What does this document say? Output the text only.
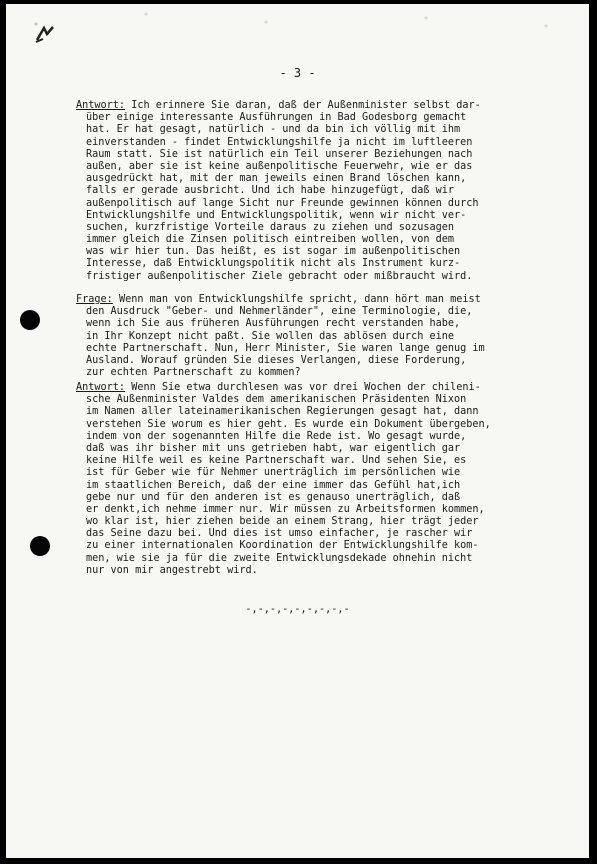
- 3 -
Antwort: Ich erinnere Sie daran, daß der Außenminister selbst dar-
über einige interessante Ausführungen in Bad Godesborg gemacht
hat. Er hat gesagt, natürlich - und da bin ich völlig mit ihm
einverstanden - findet Entwicklungshilfe ja nicht im luftleeren
Raum statt. Sie ist natürlich ein Teil unserer Beziehungen nach
außen, aber sie ist keine außenpolitische Feuerwehr, wie er das
ausgedrückt hat, mit der man jeweils einen Brand löschen kann,
falls er gerade ausbricht. Und ich habe hinzugefügt, daß wir
außenpolitisch auf lange Sicht nur Freunde gewinnen können durch
Entwicklungshilfe und Entwicklungspolitik, wenn wir nicht ver-
suchen, kurzfristige Vorteile daraus zu ziehen und sozusagen
immer gleich die Zinsen politisch eintreiben wollen, von dem
was wir hier tun. Das heißt, es ist sogar im außenpolitischen
Interesse, daß Entwicklungspolitik nicht als Instrument kurz-
fristiger außenpolitischer Ziele gebracht oder mißbraucht wird.
Frage: Wenn man von Entwicklungshilfe spricht, dann hört man meist
den Ausdruck "Geber- und Nehmerländer", eine Terminologie, die,
wenn ich Sie aus früheren Ausführungen recht verstanden habe,
in Ihr Konzept nicht paßt. Sie wollen das ablösen durch eine
echte Partnerschaft. Nun, Herr Minister, Sie waren lange genug im
Ausland. Worauf gründen Sie dieses Verlangen, diese Forderung,
zur echten Partnerschaft zu kommen?
Antwort: Wenn Sie etwa durchlesen was vor drei Wochen der chileni-
sche Außenminister Valdes dem amerikanischen Präsidenten Nixon
im Namen aller lateinamerikanischen Regierungen gesagt hat, dann
verstehen Sie worum es hier geht. Es wurde ein Dokument übergeben,
indem von der sogenannten Hilfe die Rede ist. Wo gesagt wurde,
daß was ihr bisher mit uns getrieben habt, war eigentlich gar
keine Hilfe weil es keine Partnerschaft war. Und sehen Sie, es
ist für Geber wie für Nehmer unerträglich im persönlichen wie
im staatlichen Bereich, daß der eine immer das Gefühl hat,ich
gebe nur und für den anderen ist es genauso unerträglich, daß
er denkt,ich nehme immer nur. Wir müssen zu Arbeitsformen kommen,
wo klar ist, hier ziehen beide an einem Strang, hier trägt jeder
das Seine dazu bei. Und dies ist umso einfacher, je rascher wir
zu einer internationalen Koordination der Entwicklungshilfe kom-
men, wie sie ja für die zweite Entwicklungsdekade ohnehin nicht
nur von mir angestrebt wird.
-,-,-,-,-,-,-,-,-
